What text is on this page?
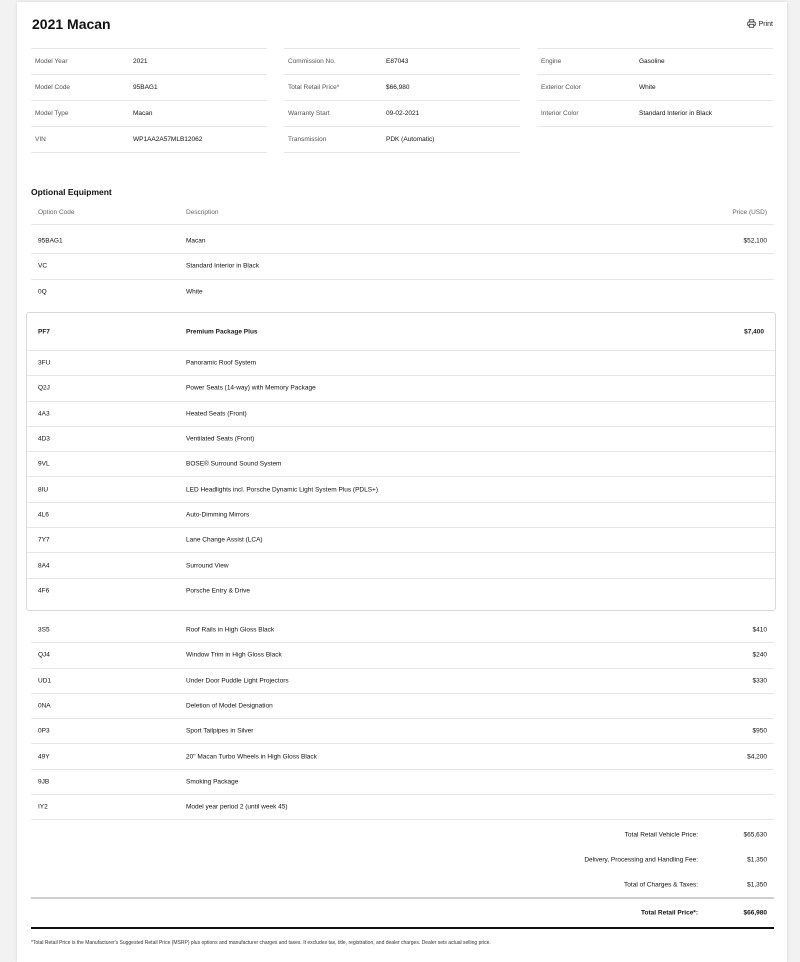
2021 Macan	Print
Model Year	2021
Model Code	95BAG1
Model Type	Macan
VIN	WP1AA2A57MLB12062
Commission No.	E87043
Total Retail Price*	$66,980
Warranty Start	09-02-2021
Transmission	PDK (Automatic)
Engine	Gasoline
Exterior Color	White
Interior Color	Standard Interior in Black
Optional Equipment
Option Code	Description	Price (USD)
95BAG1	Macan	$52,100
VC	Standard Interior in Black
0Q	White
PF7	Premium Package Plus	$7,400
3FU	Panoramic Roof System
Q2J	Power Seats (14-way) with Memory Package
4A3	Heated Seats (Front)
4D3	Ventilated Seats (Front)
9VL	BOSE® Surround Sound System
8IU	LED Headlights incl. Porsche Dynamic Light System Plus (PDLS+)
4L6	Auto-Dimming Mirrors
7Y7	Lane Change Assist (LCA)
8A4	Surround View
4F6	Porsche Entry & Drive
3S5	Roof Rails in High Gloss Black	$410
QJ4	Window Trim in High Gloss Black	$240
UD1	Under Door Puddle Light Projectors	$330
0NA	Deletion of Model Designation
0P3	Sport Tailpipes in Silver	$950
49Y	20" Macan Turbo Wheels in High Gloss Black	$4,200
9JB	Smoking Package
IY2	Model year period 2 (until week 45)
Total Retail Vehicle Price:	$65,630
Delivery, Processing and Handling Fee:	$1,350
Total of Charges & Taxes:	$1,350
Total Retail Price*:	$66,980
*Total Retail Price is the Manufacturer's Suggested Retail Price (MSRP) plus options and manufacturer charges and taxes. It excludes tax, title, registration, and dealer charges. Dealer sets actual selling price.
